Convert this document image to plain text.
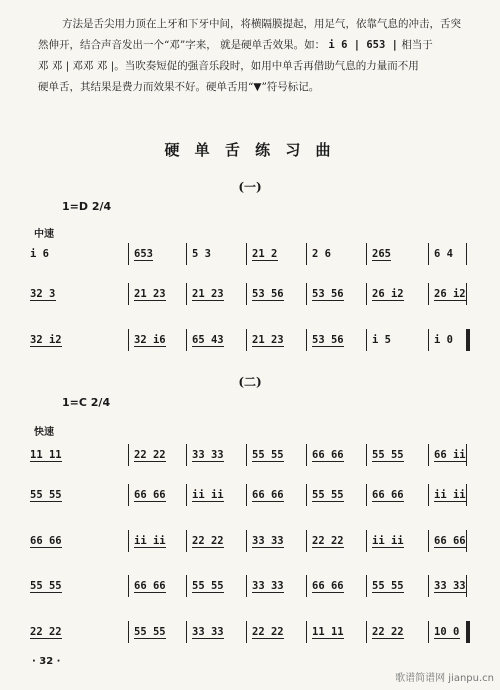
方法是舌尖用力顶在上牙和下牙中间，将横隔膜提起，用足气，依靠气息的冲击，舌突
然伸开，结合声音发出一个“邓”字来， 就是硬单舌效果。如： i 6 | 653 | 相当于
邓 邓 | 邓邓 邓 |。当吹奏短促的强音乐段时，如用中单舌再借助气息的力量而不用
硬单舌，其结果是费力而效果不好。硬单舌用“▼”符号标记。

硬 单 舌 练 习 曲
(一)
1=D 2/4
中速
i 6	653	5 3	21 2	2 6	265	6 4
32 3	21 23	21 23	53 56	53 56	26 i2	26 i2
32 i2	32 i6	65 43	21 23	53 56	i 5	i 0
(二)
1=C 2/4
快速
11 11	22 22	33 33	55 55	66 66	55 55	66 ii
55 55	66 66	ii ii	66 66	55 55	66 66	ii ii
66 66	ii ii	22 22	33 33	22 22	ii ii	66 66
55 55	66 66	55 55	33 33	66 66	55 55	33 33
22 22	55 55	33 33	22 22	11 11	22 22	10 0
· 32 ·
歌谱简谱网 jianpu.cn
